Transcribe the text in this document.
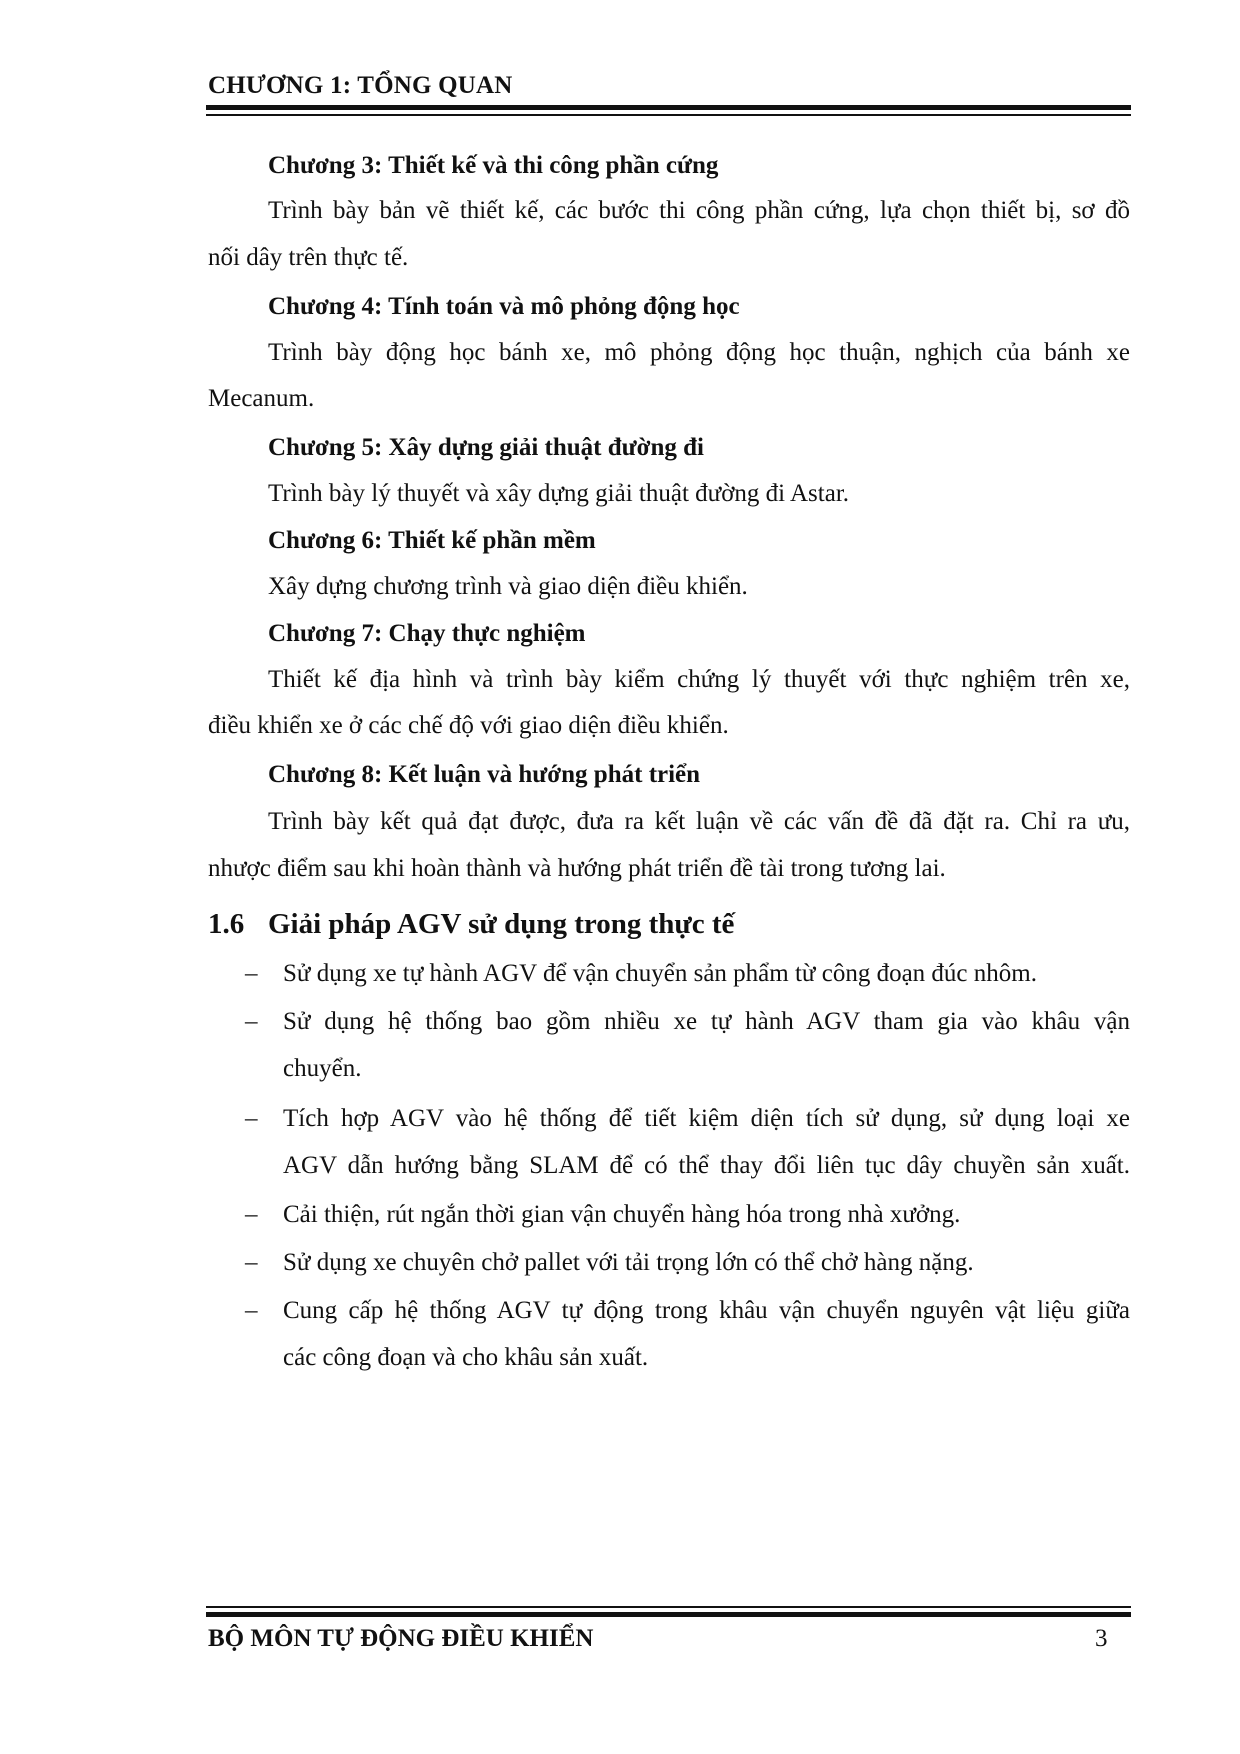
CHƯƠNG 1: TỔNG QUAN
Chương 3: Thiết kế và thi công phần cứng
Trình bày bản vẽ thiết kế, các bước thi công phần cứng, lựa chọn thiết bị, sơ đồ
nối dây trên thực tế.
Chương 4: Tính toán và mô phỏng động học
Trình bày động học bánh xe, mô phỏng động học thuận, nghịch của bánh xe
Mecanum.
Chương 5: Xây dựng giải thuật đường đi
Trình bày lý thuyết và xây dựng giải thuật đường đi Astar.
Chương 6: Thiết kế phần mềm
Xây dựng chương trình và giao diện điều khiển.
Chương 7: Chạy thực nghiệm
Thiết kế địa hình và trình bày kiểm chứng lý thuyết với thực nghiệm trên xe,
điều khiển xe ở các chế độ với giao diện điều khiển.
Chương 8: Kết luận và hướng phát triển
Trình bày kết quả đạt được, đưa ra kết luận về các vấn đề đã đặt ra. Chỉ ra ưu,
nhược điểm sau khi hoàn thành và hướng phát triển đề tài trong tương lai.
1.6 Giải pháp AGV sử dụng trong thực tế
– Sử dụng xe tự hành AGV để vận chuyển sản phẩm từ công đoạn đúc nhôm.
– Sử dụng hệ thống bao gồm nhiều xe tự hành AGV tham gia vào khâu vận
chuyển.
– Tích hợp AGV vào hệ thống để tiết kiệm diện tích sử dụng, sử dụng loại xe
AGV dẫn hướng bằng SLAM để có thể thay đổi liên tục dây chuyền sản xuất.
– Cải thiện, rút ngắn thời gian vận chuyển hàng hóa trong nhà xưởng.
– Sử dụng xe chuyên chở pallet với tải trọng lớn có thể chở hàng nặng.
– Cung cấp hệ thống AGV tự động trong khâu vận chuyển nguyên vật liệu giữa
các công đoạn và cho khâu sản xuất.
BỘ MÔN TỰ ĐỘNG ĐIỀU KHIỂN	3
